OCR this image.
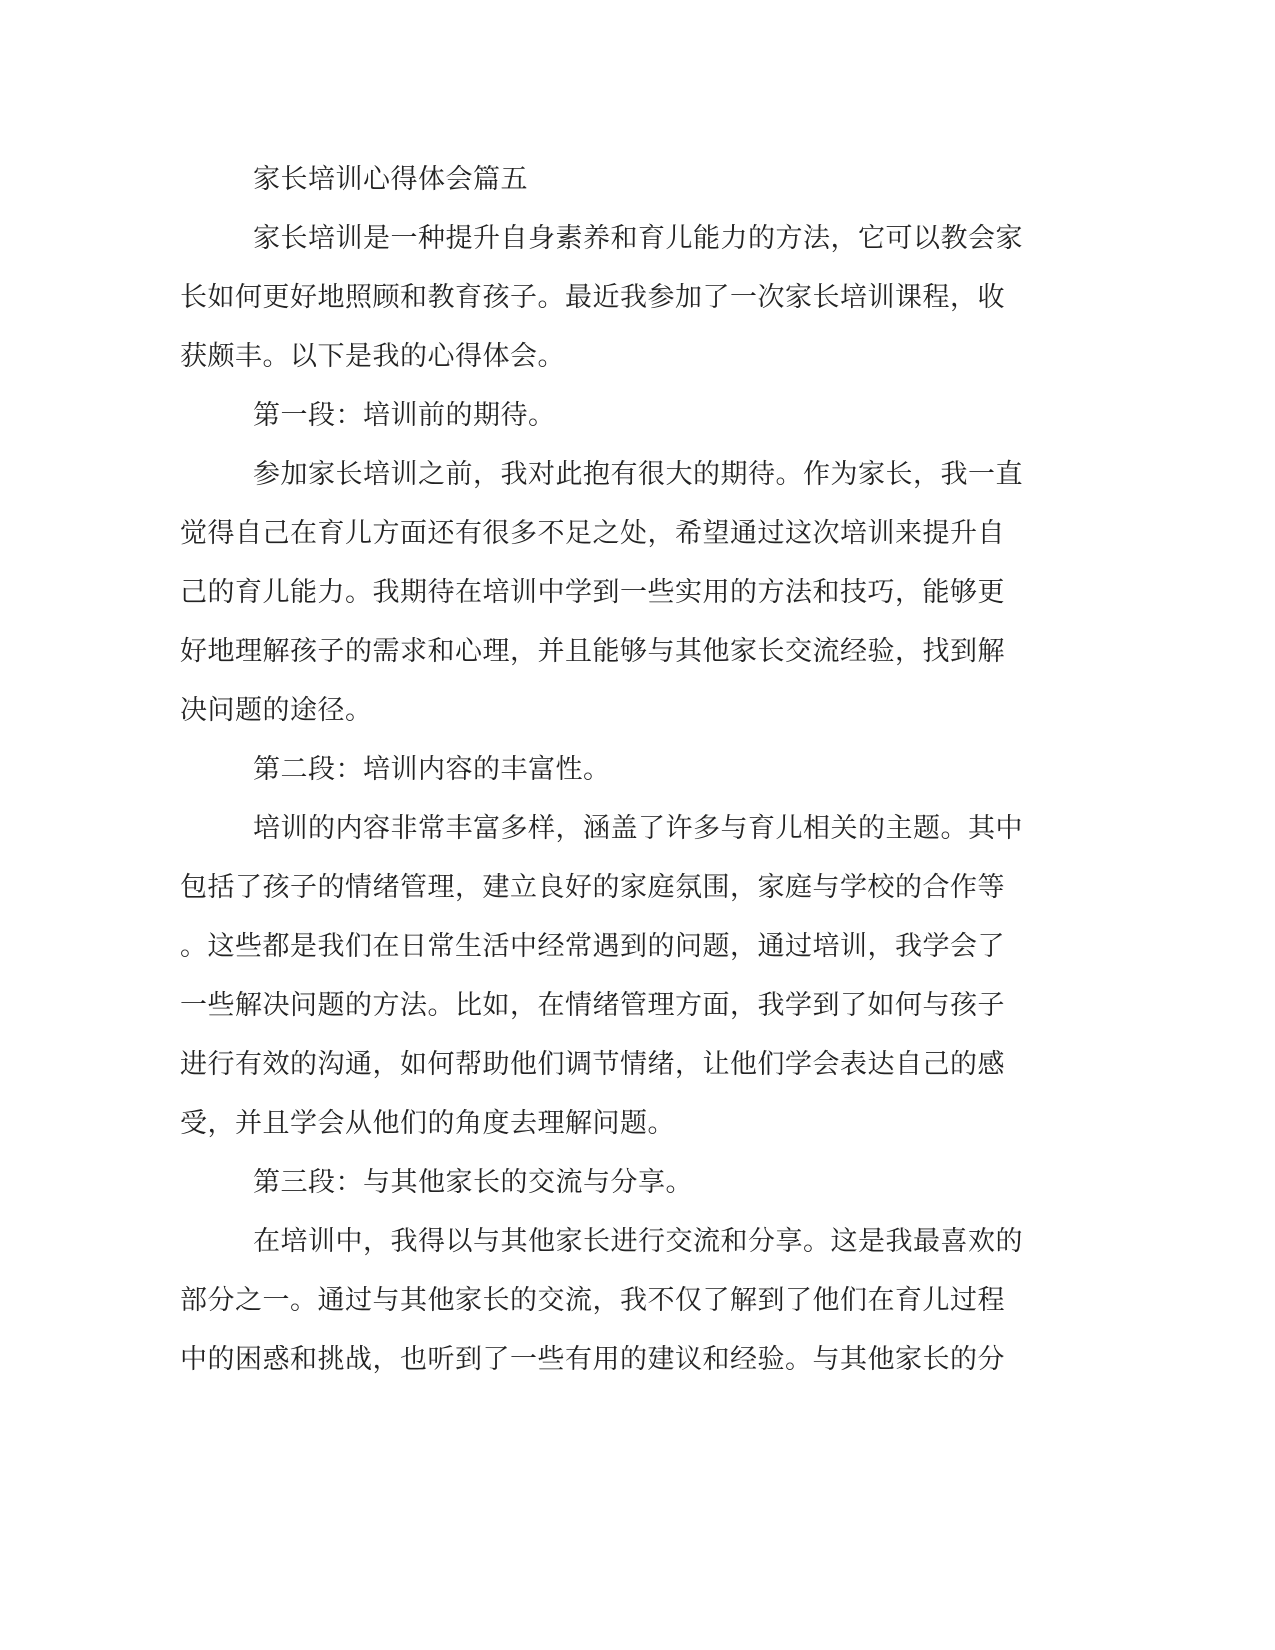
家长培训心得体会篇五
家长培训是一种提升自身素养和育儿能力的方法，它可以教会家
长如何更好地照顾和教育孩子。最近我参加了一次家长培训课程，收
获颇丰。以下是我的心得体会。
第一段：培训前的期待。
参加家长培训之前，我对此抱有很大的期待。作为家长，我一直
觉得自己在育儿方面还有很多不足之处，希望通过这次培训来提升自
己的育儿能力。我期待在培训中学到一些实用的方法和技巧，能够更
好地理解孩子的需求和心理，并且能够与其他家长交流经验，找到解
决问题的途径。
第二段：培训内容的丰富性。
培训的内容非常丰富多样，涵盖了许多与育儿相关的主题。其中
包括了孩子的情绪管理，建立良好的家庭氛围，家庭与学校的合作等
。这些都是我们在日常生活中经常遇到的问题，通过培训，我学会了
一些解决问题的方法。比如，在情绪管理方面，我学到了如何与孩子
进行有效的沟通，如何帮助他们调节情绪，让他们学会表达自己的感
受，并且学会从他们的角度去理解问题。
第三段：与其他家长的交流与分享。
在培训中，我得以与其他家长进行交流和分享。这是我最喜欢的
部分之一。通过与其他家长的交流，我不仅了解到了他们在育儿过程
中的困惑和挑战，也听到了一些有用的建议和经验。与其他家长的分
